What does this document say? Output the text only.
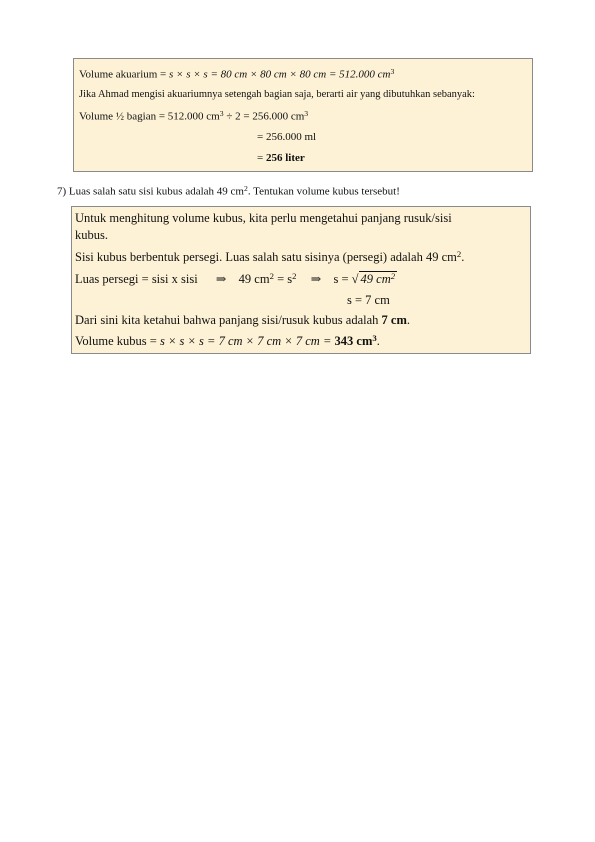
Volume akuarium = s × s × s = 80 cm × 80 cm × 80 cm = 512.000 $cm^3$
Jika Ahmad mengisi akuariumnya setengah bagian saja, berarti air yang dibutuhkan sebanyak:
Volume ½ bagian = 512.000 $cm^3 \div 2 = 256.000$ $cm^3$
= 256.000 ml
= 256 liter
7) Luas salah satu sisi kubus adalah 49 $cm^2$. Tentukan volume kubus tersebut!
Untuk menghitung volume kubus, kita perlu mengetahui panjang rusuk/sisi
kubus.
Sisi kubus berbentuk persegi. Luas salah satu sisinya (persegi) adalah 49 $cm^2$.
Luas persegi = sisi x sisi ⇒ 49 $cm^2 = s^2$ ⇒ s = √ 49 $cm^2$
s = 7 cm
Dari sini kita ketahui bahwa panjang sisi/rusuk kubus adalah 7 cm.
Volume kubus = s × s × s = 7 cm × 7 cm × 7 cm = 343 $cm^3$.
